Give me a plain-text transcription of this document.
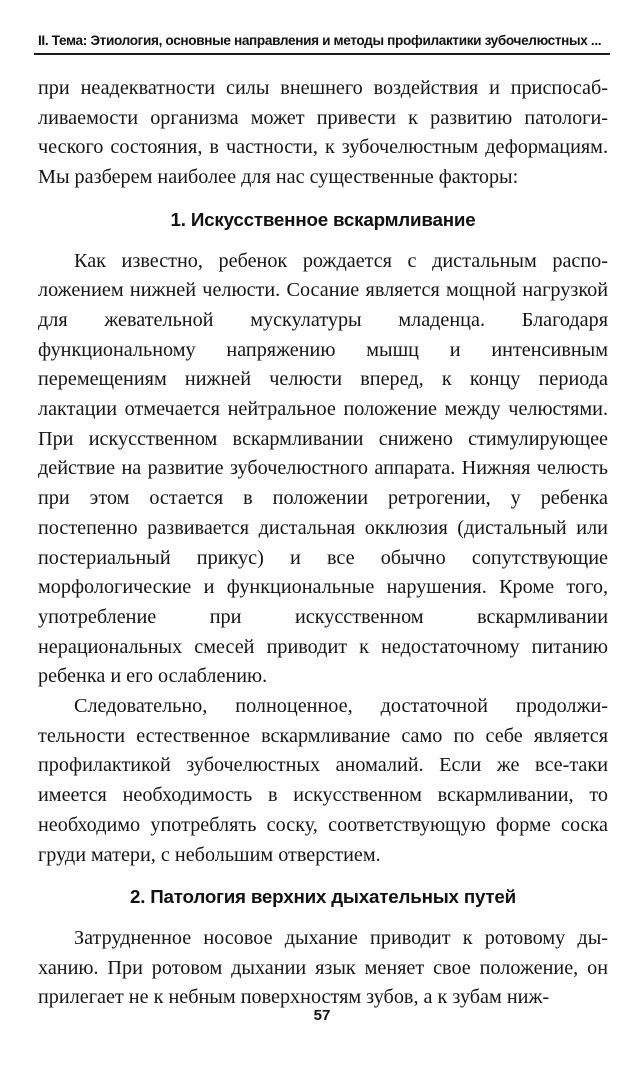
II. Тема: Этиология, основные направления и методы профилактики зубочелюстных ...

при неадекватности силы внешнего воздействия и приспосабливаемости организма может привести к развитию патологического состояния, в частности, к зубочелюстным деформациям. Мы разберем наиболее для нас существенные факторы:

1. Искусственное вскармливание

Как известно, ребенок рождается с дистальным расположением нижней челюсти. Сосание является мощной нагрузкой для жевательной мускулатуры младенца. Благодаря функциональному напряжению мышц и интенсивным перемещениям нижней челюсти вперед, к концу периода лактации отмечается нейтральное положение между челюстями. При искусственном вскармливании снижено стимулирующее действие на развитие зубочелюстного аппарата. Нижняя челюсть при этом остается в положении ретрогении, у ребенка постепенно развивается дистальная окклюзия (дистальный или постериальный прикус) и все обычно сопутствующие морфологические и функциональные нарушения. Кроме того, употребление при искусственном вскармливании нерациональных смесей приводит к недостаточному питанию ребенка и его ослаблению.

Следовательно, полноценное, достаточной продолжительности естественное вскармливание само по себе является профилактикой зубочелюстных аномалий. Если же все-таки имеется необходимость в искусственном вскармливании, то необходимо употреблять соску, соответствующую форме соска груди матери, с небольшим отверстием.

2. Патология верхних дыхательных путей

Затрудненное носовое дыхание приводит к ротовому дыханию. При ротовом дыхании язык меняет свое положение, он прилегает не к небным поверхностям зубов, а к зубам ниж-

57
